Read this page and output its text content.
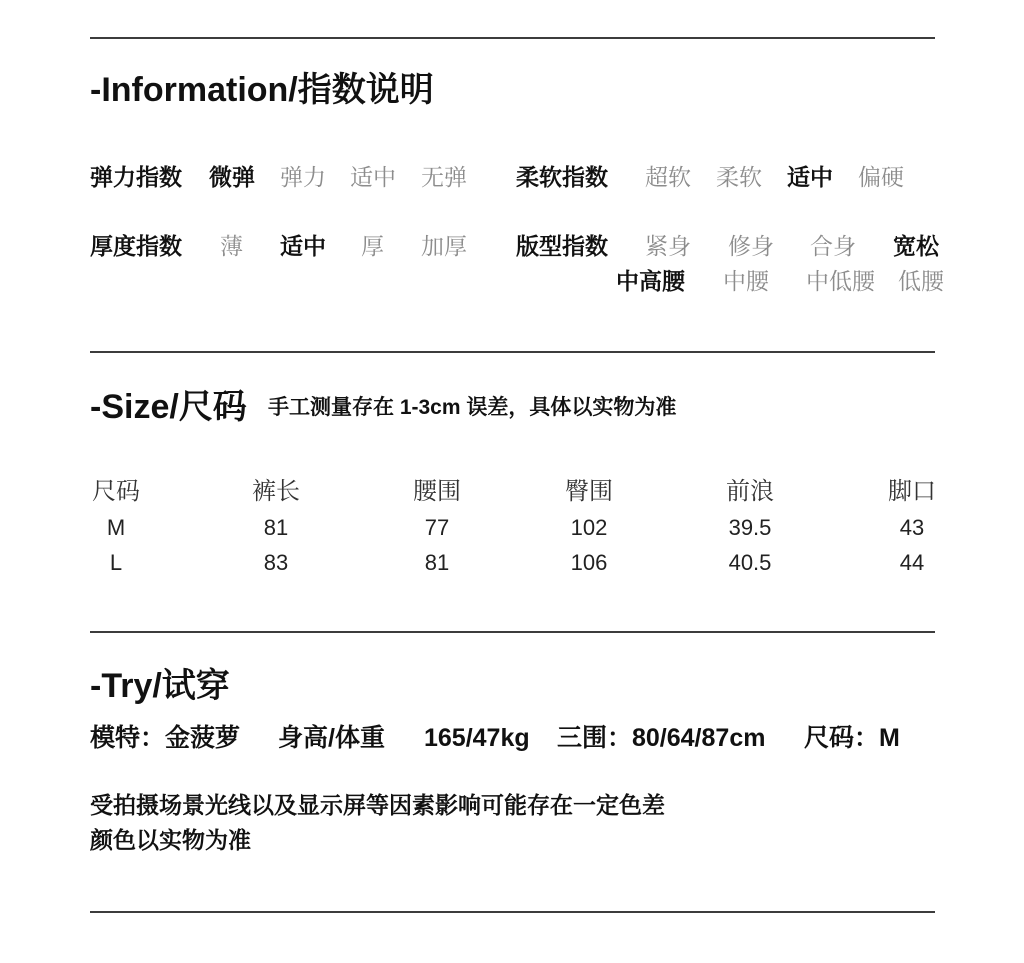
-Information/指数说明
弹力指数 微弹 弹力 适中 无弹 柔软指数 超软 柔软 适中 偏硬
厚度指数 薄 适中 厚 加厚 版型指数 紧身 修身 合身 宽松
中高腰 中腰 中低腰 低腰
-Size/尺码 手工测量存在 1-3cm 误差，具体以实物为准
尺码	裤长	腰围	臀围	前浪	脚口
M	81	77	102	39.5	43
L	83	81	106	40.5	44
-Try/试穿
模特：金菠萝 身高/体重 165/47kg 三围：80/64/87cm 尺码：M
受拍摄场景光线以及显示屏等因素影响可能存在一定色差
颜色以实物为准
